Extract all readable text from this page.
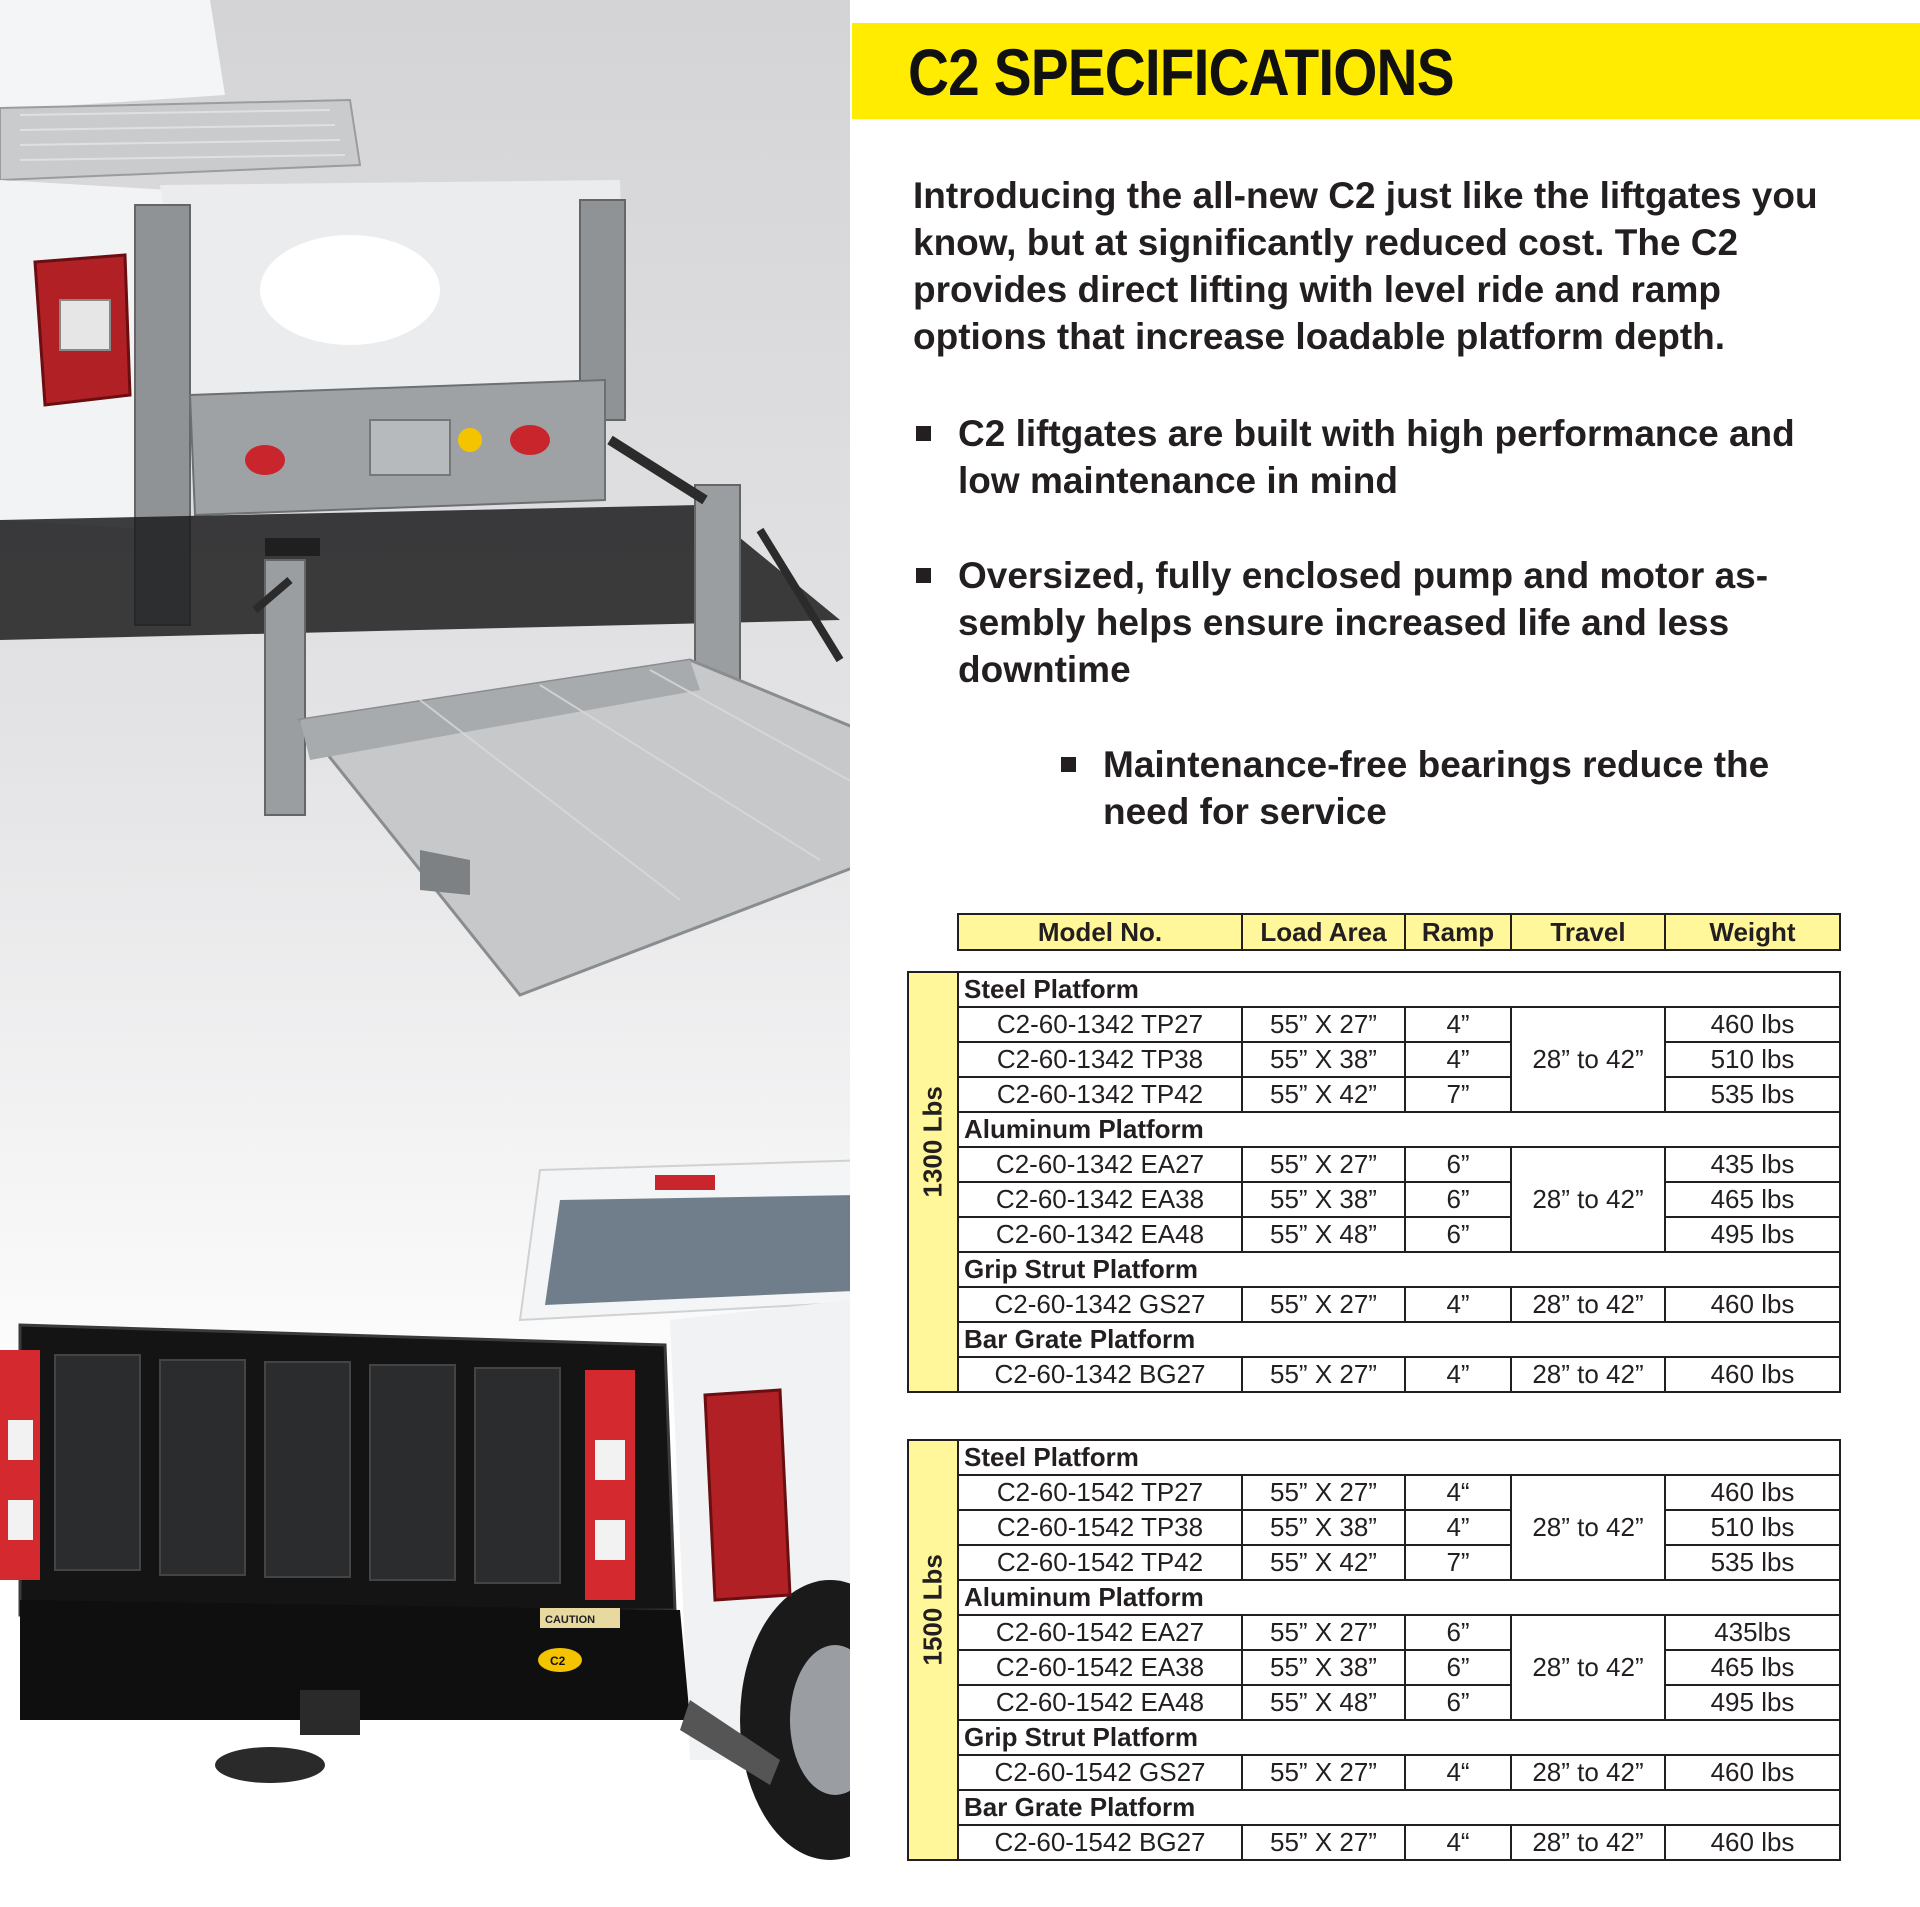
CAUTION
C2
C2 SPECIFICATIONS

Introducing the all-new C2 just like the liftgates you know, but at significantly reduced cost. The C2 provides direct lifting with level ride and ramp options that increase loadable platform depth.

C2 liftgates are built with high performance and low maintenance in mind
Oversized, fully enclosed pump and motor as-sembly helps ensure increased life and less downtime
Maintenance-free bearings reduce the need for service
Model No.	Load Area	Ramp	Travel	Weight
1300 Lbs	Steel Platform				
	C2-60-1342 TP27	55” X 27”	4”	28” to 42”	460 lbs
	C2-60-1342 TP38	55” X 38”	4”		510 lbs
	C2-60-1342 TP42	55” X 42”	7”		535 lbs
	Aluminum Platform				
	C2-60-1342 EA27	55” X 27”	6”	28” to 42”	435 lbs
	C2-60-1342 EA38	55” X 38”	6”		465 lbs
	C2-60-1342 EA48	55” X 48”	6”		495 lbs
	Grip Strut Platform				
	C2-60-1342 GS27	55” X 27”	4”	28” to 42”	460 lbs
	Bar Grate Platform				
	C2-60-1342 BG27	55” X 27”	4”	28” to 42”	460 lbs
1500 Lbs	Steel Platform				
	C2-60-1542 TP27	55” X 27”	4“	28” to 42”	460 lbs
	C2-60-1542 TP38	55” X 38”	4”		510 lbs
	C2-60-1542 TP42	55” X 42”	7”		535 lbs
	Aluminum Platform				
	C2-60-1542 EA27	55” X 27”	6”	28” to 42”	435lbs
	C2-60-1542 EA38	55” X 38”	6”		465 lbs
	C2-60-1542 EA48	55” X 48”	6”		495 lbs
	Grip Strut Platform				
	C2-60-1542 GS27	55” X 27”	4“	28” to 42”	460 lbs
	Bar Grate Platform				
	C2-60-1542 BG27	55” X 27”	4“	28” to 42”	460 lbs
